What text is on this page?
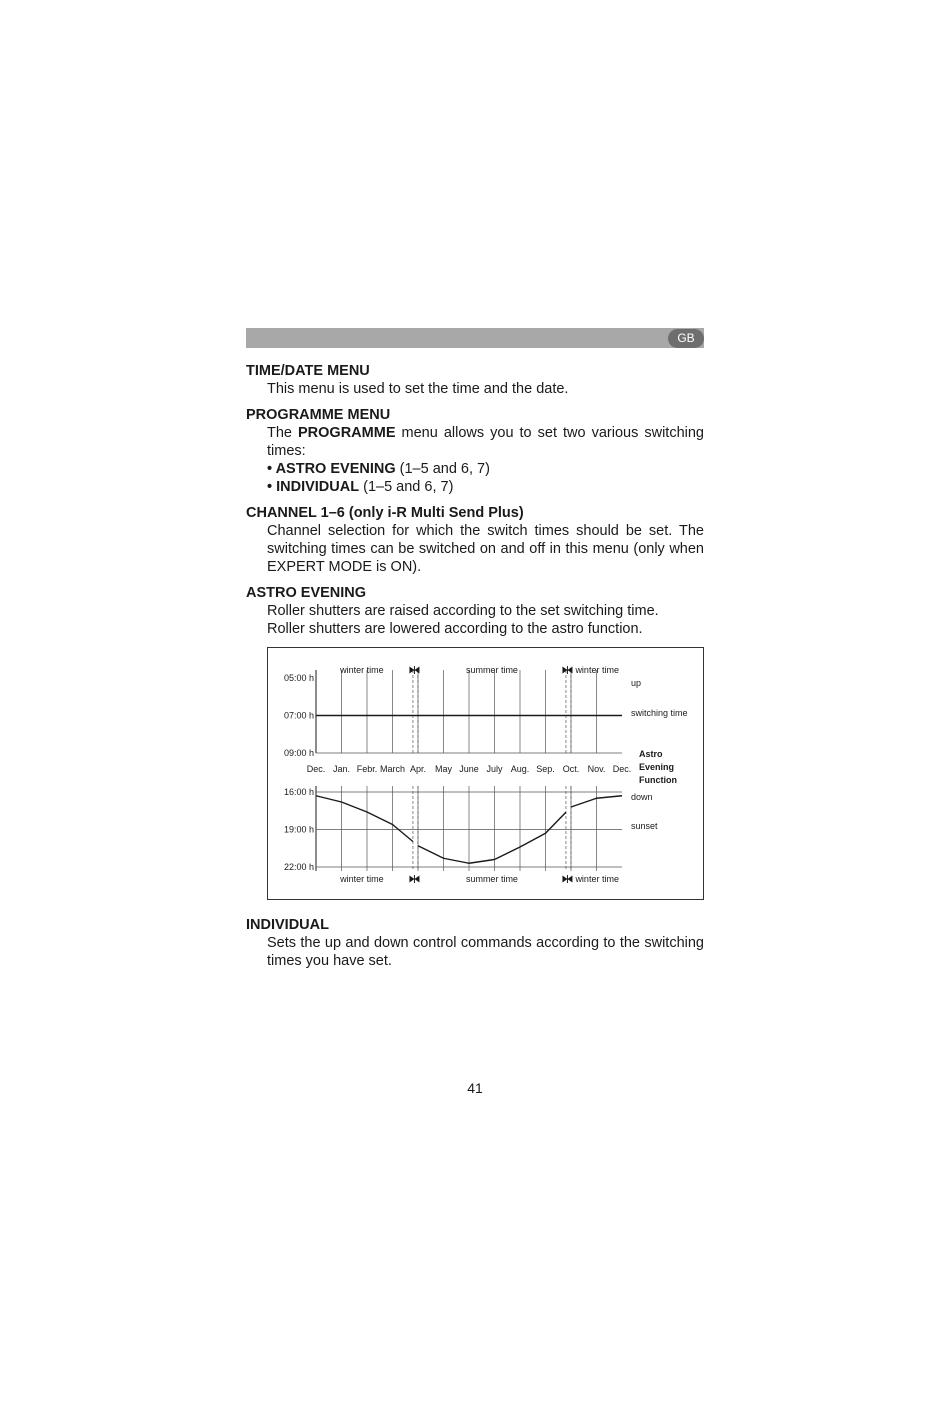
GB

TIME/DATE MENU

This menu is used to set the time and the date.

PROGRAMME MENU

The PROGRAMME menu allows you to set two various switching times:

• ASTRO EVENING (1–5 and 6, 7)

• INDIVIDUAL (1–5 and 6, 7)

CHANNEL 1–6 (only i-R Multi Send Plus)

Channel selection for which the switch times should be set. The switching times can be switched on and off in this menu (only when EXPERT MODE is ON).

ASTRO EVENING

Roller shutters are raised according to the set switching time.

Roller shutters are lowered according to the astro function.

05:00 h
07:00 h
09:00 h
16:00 h
19:00 h
22:00 h
Dec. Jan. Febr. March Apr. May June July Aug. Sep. Oct. Nov. Dec.
winter time	summer time	winter time
winter time	summer time	winter time
up
switching time
Astro
Evening
Function
down
sunset

INDIVIDUAL

Sets the up and down control commands according to the switching times you have set.

41
